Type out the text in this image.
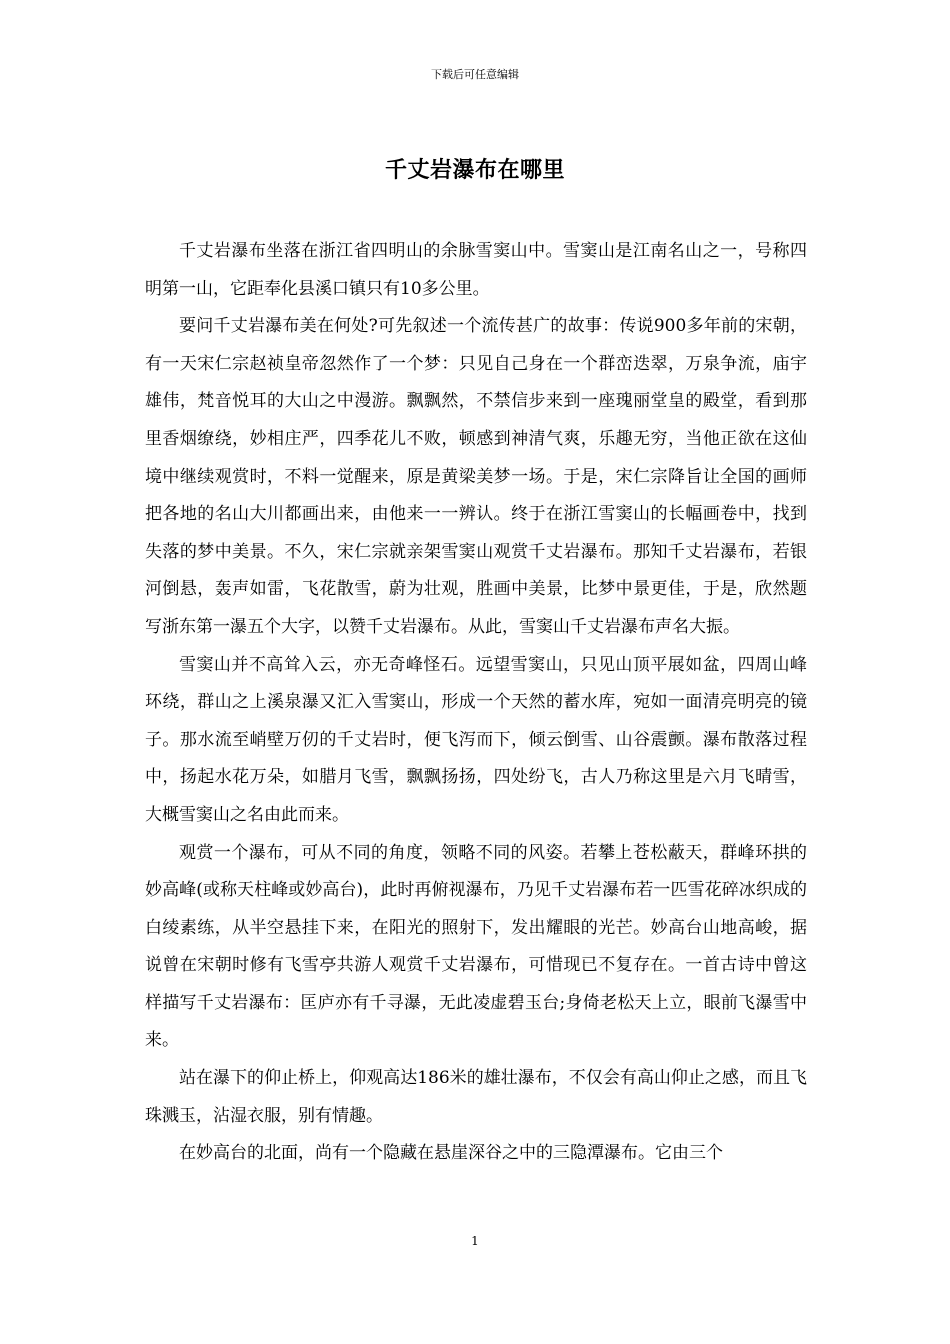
下载后可任意编辑
千丈岩瀑布在哪里

千丈岩瀑布坐落在浙江省四明山的余脉雪窦山中。雪窦山是江南名山之一，号称四明第一山，它距奉化县溪口镇只有10多公里。

要问千丈岩瀑布美在何处?可先叙述一个流传甚广的故事：传说900多年前的宋朝，有一天宋仁宗赵祯皇帝忽然作了一个梦：只见自己身在一个群峦迭翠，万泉争流，庙宇雄伟，梵音悦耳的大山之中漫游。飘飘然，不禁信步来到一座瑰丽堂皇的殿堂，看到那里香烟缭绕，妙相庄严，四季花儿不败，顿感到神清气爽，乐趣无穷，当他正欲在这仙境中继续观赏时，不料一觉醒来，原是黄梁美梦一场。于是，宋仁宗降旨让全国的画师把各地的名山大川都画出来，由他来一一辨认。终于在浙江雪窦山的长幅画卷中，找到失落的梦中美景。不久，宋仁宗就亲架雪窦山观赏千丈岩瀑布。那知千丈岩瀑布，若银河倒悬，轰声如雷，飞花散雪，蔚为壮观，胜画中美景，比梦中景更佳，于是，欣然题写浙东第一瀑五个大字，以赞千丈岩瀑布。从此，雪窦山千丈岩瀑布声名大振。

雪窦山并不高耸入云，亦无奇峰怪石。远望雪窦山，只见山顶平展如盆，四周山峰环绕，群山之上溪泉瀑又汇入雪窦山，形成一个天然的蓄水库，宛如一面清亮明亮的镜子。那水流至峭壁万仞的千丈岩时，便飞泻而下，倾云倒雪、山谷震颤。瀑布散落过程中，扬起水花万朵，如腊月飞雪，飘飘扬扬，四处纷飞，古人乃称这里是六月飞晴雪，大概雪窦山之名由此而来。

观赏一个瀑布，可从不同的角度，领略不同的风姿。若攀上苍松蔽天，群峰环拱的妙高峰(或称天柱峰或妙高台)，此时再俯视瀑布，乃见千丈岩瀑布若一匹雪花碎冰织成的白绫素练，从半空悬挂下来，在阳光的照射下，发出耀眼的光芒。妙高台山地高峻，据说曾在宋朝时修有飞雪亭共游人观赏千丈岩瀑布，可惜现已不复存在。一首古诗中曾这样描写千丈岩瀑布：匡庐亦有千寻瀑，无此凌虚碧玉台;身倚老松天上立，眼前飞瀑雪中来。

站在瀑下的仰止桥上，仰观高达186米的雄壮瀑布，不仅会有高山仰止之感，而且飞珠溅玉，沾湿衣服，别有情趣。

在妙高台的北面，尚有一个隐藏在悬崖深谷之中的三隐潭瀑布。它由三个

1
